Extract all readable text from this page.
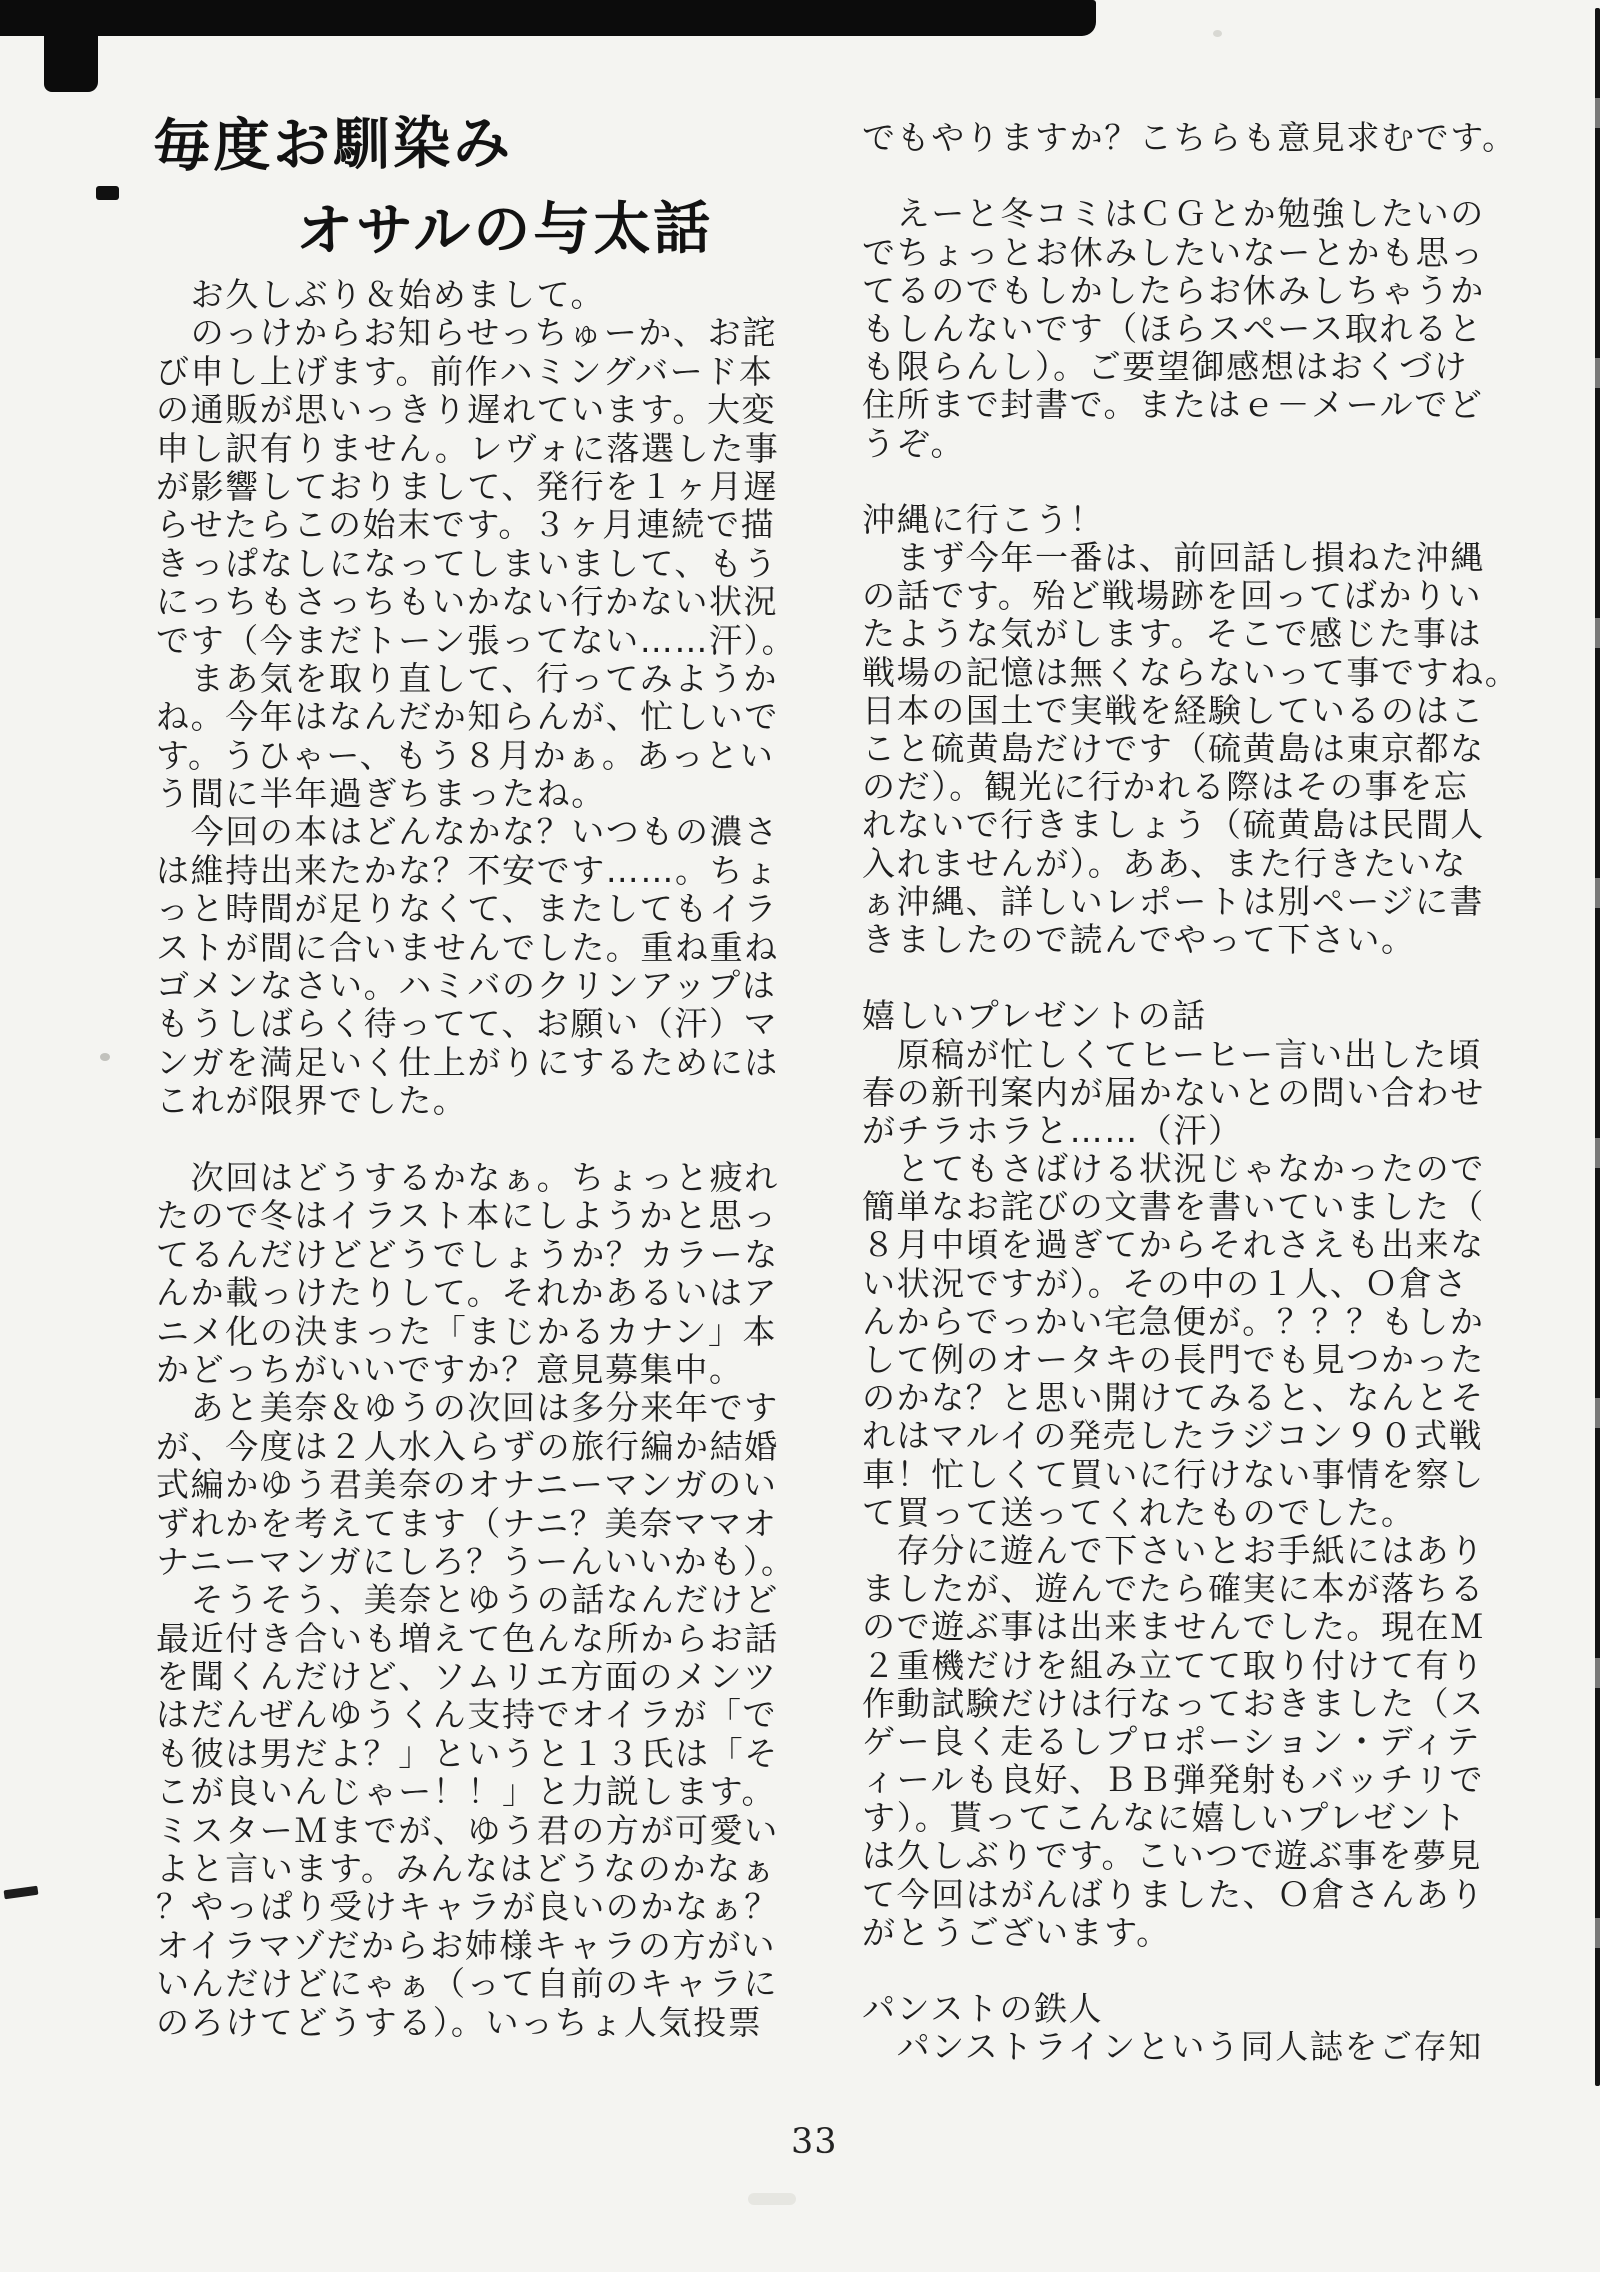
毎度お馴染み
オサルの与太話
　お久しぶり＆始めまして。
　のっけからお知らせっちゅーか、お詫
び申し上げます。前作ハミングバード本
の通販が思いっきり遅れています。大変
申し訳有りません。レヴォに落選した事
が影響しておりまして、発行を１ヶ月遅
らせたらこの始末です。３ヶ月連続で描
きっぱなしになってしまいまして、もう
にっちもさっちもいかない行かない状況
です（今まだトーン張ってない……汗）。
　まあ気を取り直して、行ってみようか
ね。今年はなんだか知らんが、忙しいで
す。うひゃー、もう８月かぁ。あっとい
う間に半年過ぎちまったね。
　今回の本はどんなかな？いつもの濃さ
は維持出来たかな？不安です……。ちょ
っと時間が足りなくて、またしてもイラ
ストが間に合いませんでした。重ね重ね
ゴメンなさい。ハミバのクリンアップは
もうしばらく待ってて、お願い（汗）マ
ンガを満足いく仕上がりにするためには
これが限界でした。

　次回はどうするかなぁ。ちょっと疲れ
たので冬はイラスト本にしようかと思っ
てるんだけどどうでしょうか？カラーな
んか載っけたりして。それかあるいはア
ニメ化の決まった「まじかるカナン」本
かどっちがいいですか？意見募集中。
　あと美奈＆ゆうの次回は多分来年です
が、今度は２人水入らずの旅行編か結婚
式編かゆう君美奈のオナニーマンガのい
ずれかを考えてます（ナニ？美奈ママオ
ナニーマンガにしろ？うーんいいかも）。
　そうそう、美奈とゆうの話なんだけど
最近付き合いも増えて色んな所からお話
を聞くんだけど、ソムリエ方面のメンツ
はだんぜんゆうくん支持でオイラが「で
も彼は男だよ？」というと１３氏は「そ
こが良いんじゃー！！」と力説します。
ミスターＭまでが、ゆう君の方が可愛い
よと言います。みんなはどうなのかなぁ
？やっぱり受けキャラが良いのかなぁ？
オイラマゾだからお姉様キャラの方がい
いんだけどにゃぁ（って自前のキャラに
のろけてどうする）。いっちょ人気投票
でもやりますか？こちらも意見求むです。

　えーと冬コミはＣＧとか勉強したいの
でちょっとお休みしたいなーとかも思っ
てるのでもしかしたらお休みしちゃうか
もしんないです（ほらスペース取れると
も限らんし）。ご要望御感想はおくづけ
住所まで封書で。またはｅ－メールでど
うぞ。

沖縄に行こう！
　まず今年一番は、前回話し損ねた沖縄
の話です。殆ど戦場跡を回ってばかりい
たような気がします。そこで感じた事は
戦場の記憶は無くならないって事ですね。
日本の国土で実戦を経験しているのはこ
こと硫黄島だけです（硫黄島は東京都な
のだ）。観光に行かれる際はその事を忘
れないで行きましょう（硫黄島は民間人
入れませんが）。ああ、また行きたいな
ぁ沖縄、詳しいレポートは別ページに書
きましたので読んでやって下さい。

嬉しいプレゼントの話
　原稿が忙しくてヒーヒー言い出した頃
春の新刊案内が届かないとの問い合わせ
がチラホラと……（汗）
　とてもさばける状況じゃなかったので
簡単なお詫びの文書を書いていました（
８月中頃を過ぎてからそれさえも出来な
い状況ですが）。その中の１人、Ｏ倉さ
んからでっかい宅急便が。？？？もしか
して例のオータキの長門でも見つかった
のかな？と思い開けてみると、なんとそ
れはマルイの発売したラジコン９０式戦
車！忙しくて買いに行けない事情を察し
て買って送ってくれたものでした。
　存分に遊んで下さいとお手紙にはあり
ましたが、遊んでたら確実に本が落ちる
ので遊ぶ事は出来ませんでした。現在Ｍ
２重機だけを組み立てて取り付けて有り
作動試験だけは行なっておきました（ス
ゲー良く走るしプロポーション・ディテ
ィールも良好、ＢＢ弾発射もバッチリで
す）。貰ってこんなに嬉しいプレゼント
は久しぶりです。こいつで遊ぶ事を夢見
て今回はがんばりました、Ｏ倉さんあり
がとうございます。

パンストの鉄人
　パンストラインという同人誌をご存知
33
